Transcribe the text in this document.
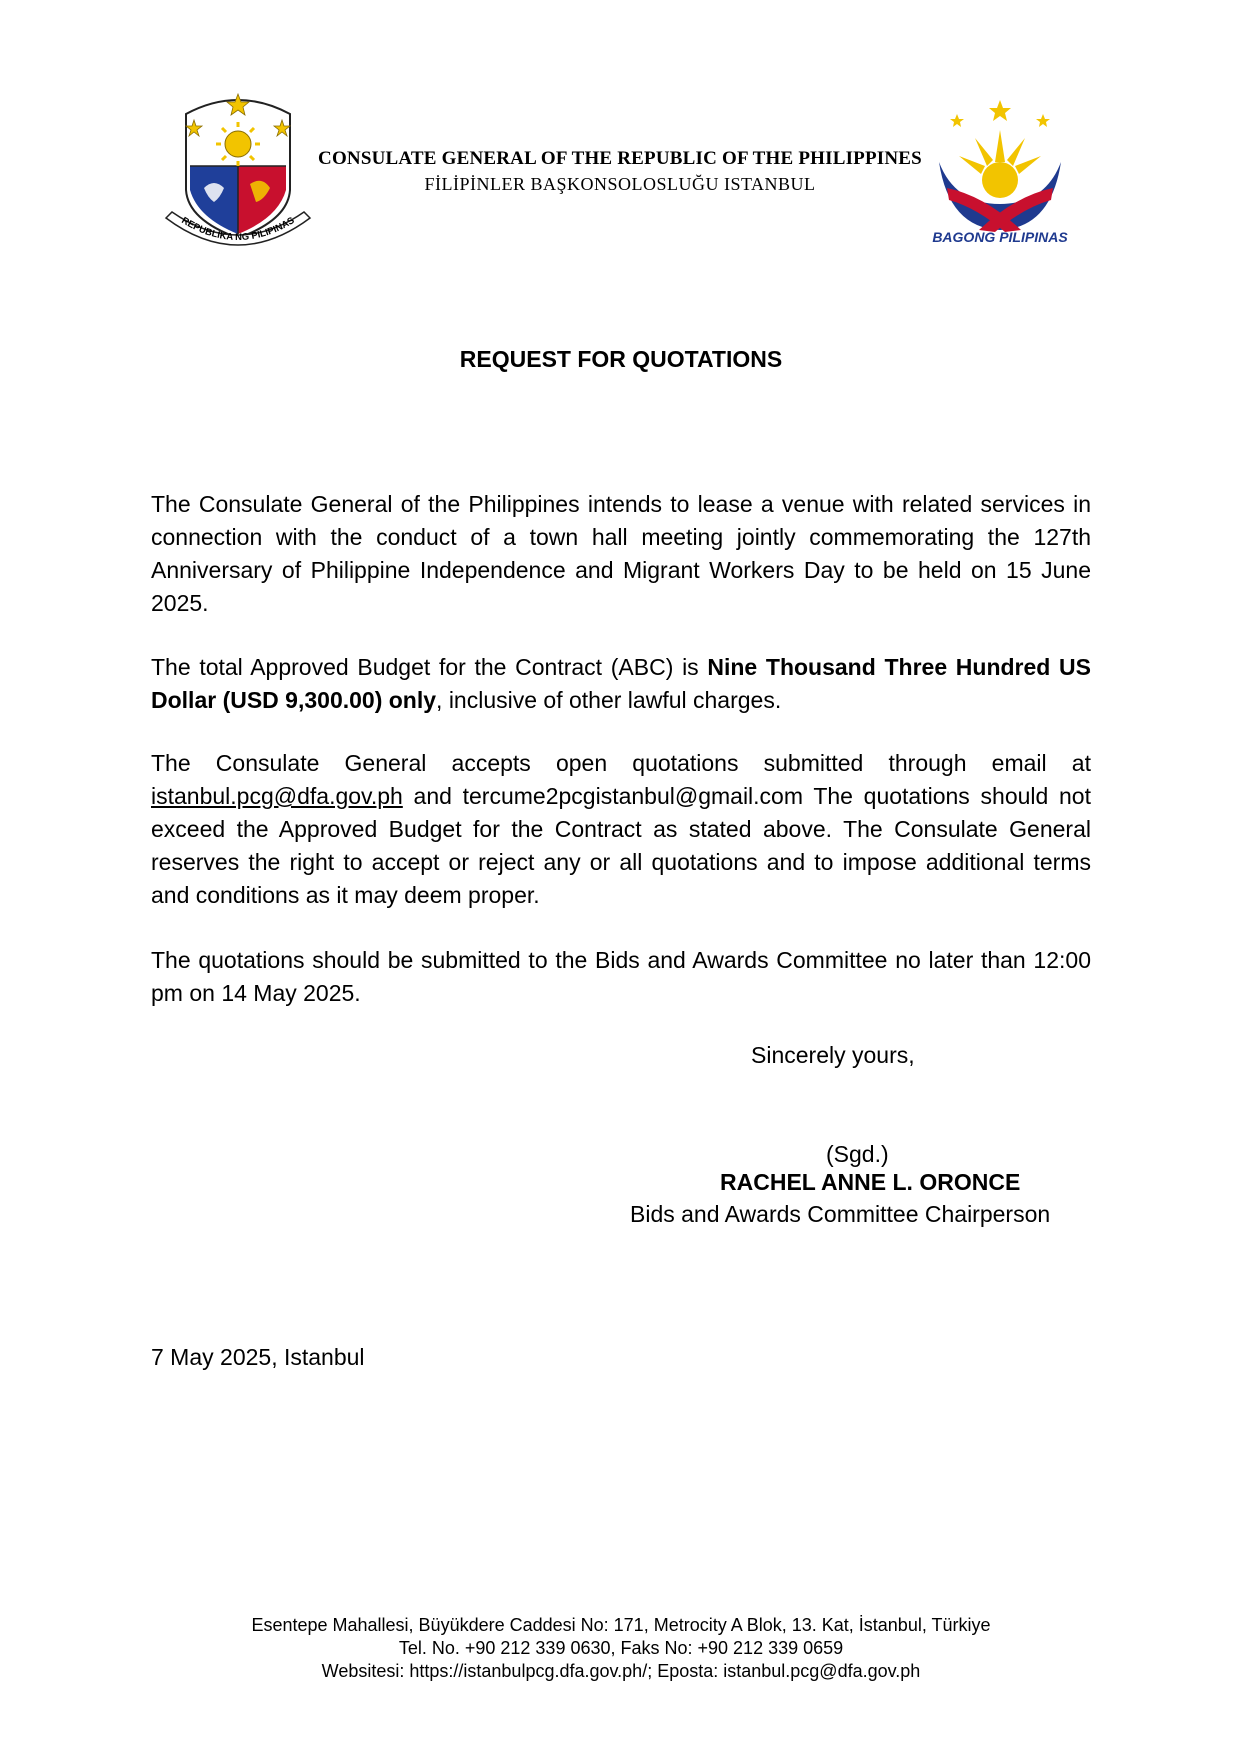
REPUBLIKA NG PILIPINAS
CONSULATE GENERAL OF THE REPUBLIC OF THE PHILIPPINES
FİLİPİNLER BAŞKONSOLOSLUĞU ISTANBUL
BAGONG PILIPINAS
REQUEST FOR QUOTATIONS
The Consulate General of the Philippines intends to lease a venue with related services in connection with the conduct of a town hall meeting jointly commemorating the 127th Anniversary of Philippine Independence and Migrant Workers Day to be held on 15 June 2025.
The total Approved Budget for the Contract (ABC) is Nine Thousand Three Hundred US Dollar (USD 9,300.00) only, inclusive of other lawful charges.
The Consulate General accepts open quotations submitted through email at istanbul.pcg@dfa.gov.ph and tercume2pcgistanbul@gmail.com The quotations should not exceed the Approved Budget for the Contract as stated above. The Consulate General reserves the right to accept or reject any or all quotations and to impose additional terms and conditions as it may deem proper.
The quotations should be submitted to the Bids and Awards Committee no later than 12:00 pm on 14 May 2025.
Sincerely yours,
(Sgd.)
RACHEL ANNE L. ORONCE
Bids and Awards Committee Chairperson
7 May 2025, Istanbul
Esentepe Mahallesi, Büyükdere Caddesi No: 171, Metrocity A Blok, 13. Kat, İstanbul, Türkiye
Tel. No. +90 212 339 0630, Faks No: +90 212 339 0659
Websitesi: https://istanbulpcg.dfa.gov.ph/; Eposta: istanbul.pcg@dfa.gov.ph
